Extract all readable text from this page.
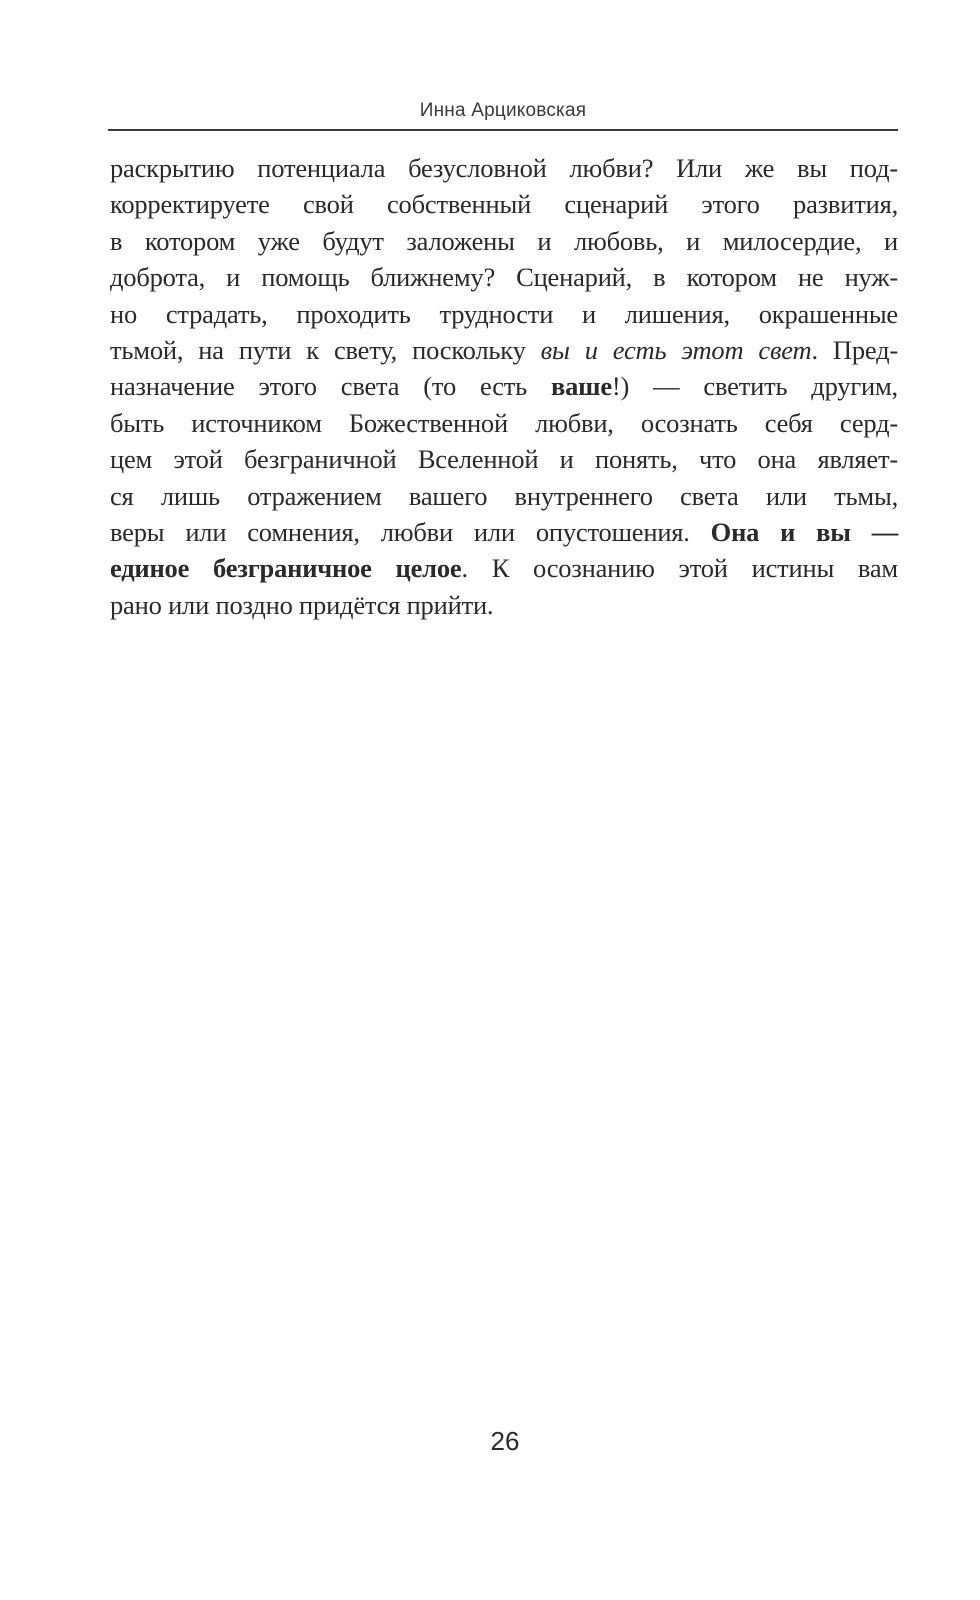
Инна Арциковская
раскрытию потенциала безусловной любви? Или же вы под-
корректируете свой собственный сценарий этого развития,
в котором уже будут заложены и любовь, и милосердие, и
доброта, и помощь ближнему? Сценарий, в котором не нуж-
но страдать, проходить трудности и лишения, окрашенные
тьмой, на пути к свету, поскольку вы и есть этот свет. Пред-
назначение этого света (то есть ваше!) — светить другим,
быть источником Божественной любви, осознать себя серд-
цем этой безграничной Вселенной и понять, что она являет-
ся лишь отражением вашего внутреннего света или тьмы,
веры или сомнения, любви или опустошения. Она и вы —
единое безграничное целое. К осознанию этой истины вам
рано или поздно придётся прийти.
26
